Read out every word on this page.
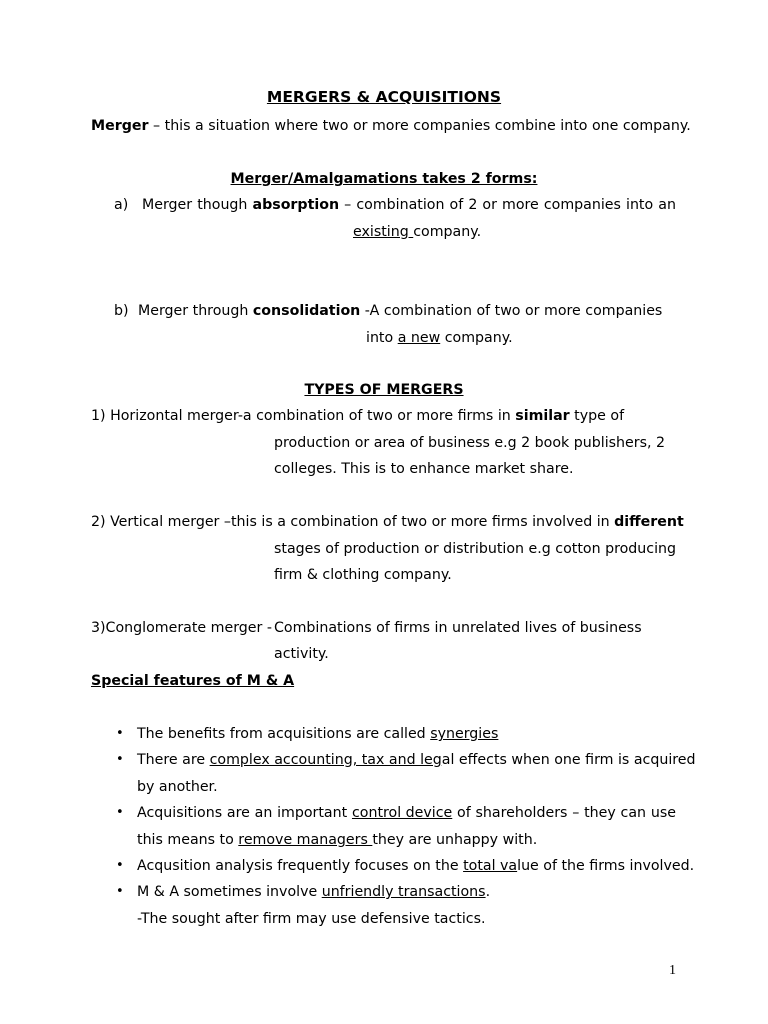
MERGERS & ACQUISITIONS
Merger – this a situation where two or more companies combine into one company.
Merger/Amalgamations takes 2 forms:
a) Merger though absorption – combination of 2 or more companies into an
existing company.
b) Merger through consolidation -A combination of two or more companies
into a new company.
TYPES OF MERGERS
1) Horizontal merger-a combination of two or more firms in similar type of
production or area of business e.g 2 book publishers, 2
colleges. This is to enhance market share.
2) Vertical merger –this is a combination of two or more firms involved in different
stages of production or distribution e.g cotton producing
firm & clothing company.
3)Conglomerate merger - Combinations of firms in unrelated lives of business
activity.
Special features of M & A
• The benefits from acquisitions are called synergies
• There are complex accounting, tax and legal effects when one firm is acquired
by another.
• Acquisitions are an important control device of shareholders – they can use
this means to remove managers they are unhappy with.
• Acqusition analysis frequently focuses on the total value of the firms involved.
• M & A sometimes involve unfriendly transactions.
-The sought after firm may use defensive tactics.
1
